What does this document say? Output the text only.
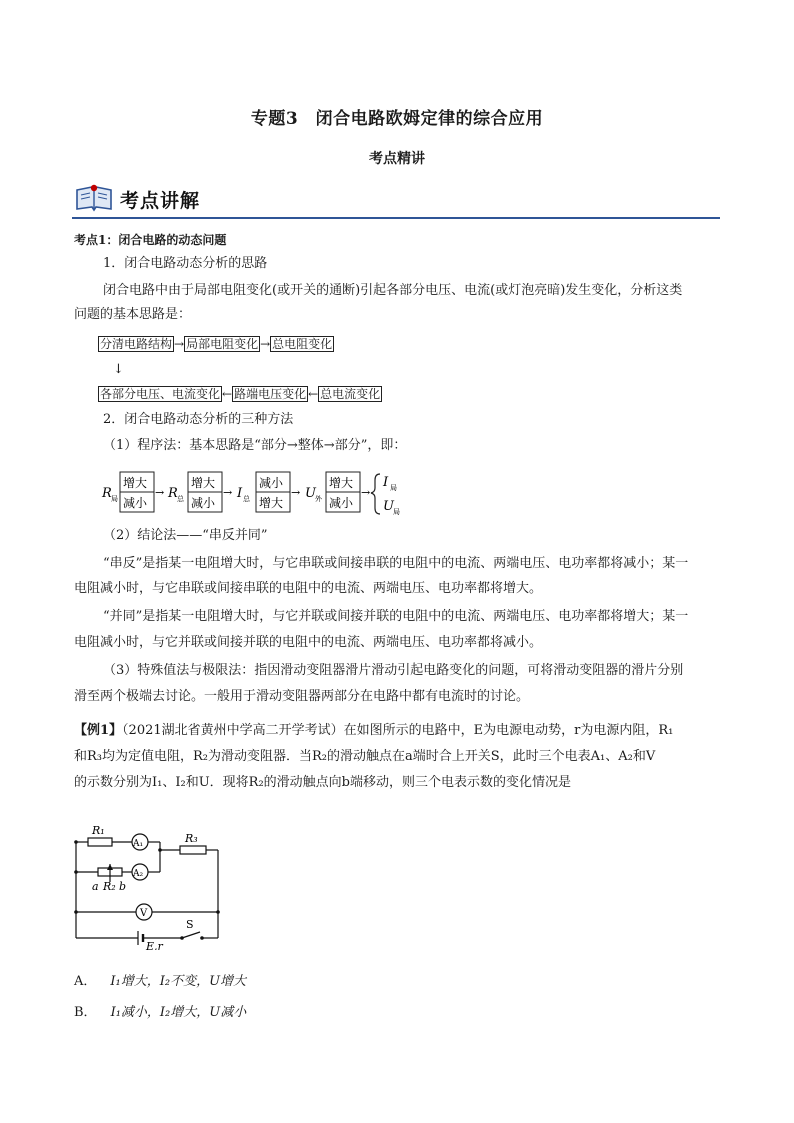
专题3　闭合电路欧姆定律的综合应用
考点精讲
考点讲解
考点1：闭合电路的动态问题
1．闭合电路动态分析的思路
闭合电路中由于局部电阻变化(或开关的通断)引起各部分电压、电流(或灯泡亮暗)发生变化，分析这类
问题的基本思路是：
分清电路结构 → 局部电阻变化 → 总电阻变化
↓
各部分电压、电流变化 ← 路端电压变化 ← 总电流变化
2．闭合电路动态分析的三种方法
（1）程序法：基本思路是“部分→整体→部分”，即：
R 局
增大
减小
→ R 总
增大
减小
→ I 总
减小
增大
→ U 外
增大
减小
→
I 局
U 局
（2）结论法——“串反并同”
“串反”是指某一电阻增大时，与它串联或间接串联的电阻中的电流、两端电压、电功率都将减小；某一
电阻减小时，与它串联或间接串联的电阻中的电流、两端电压、电功率都将增大。
“并同”是指某一电阻增大时，与它并联或间接并联的电阻中的电流、两端电压、电功率都将增大；某一
电阻减小时，与它并联或间接并联的电阻中的电流、两端电压、电功率都将减小。
（3）特殊值法与极限法：指因滑动变阻器滑片滑动引起电路变化的问题，可将滑动变阻器的滑片分别
滑至两个极端去讨论。一般用于滑动变阻器两部分在电路中都有电流时的讨论。
【例1】（2021湖北省黄州中学高二开学考试）在如图所示的电路中，E为电源电动势，r为电源内阻，R₁
和R₃均为定值电阻，R₂为滑动变阻器．当R₂的滑动触点在a端时合上开关S，此时三个电表A₁、A₂和V
的示数分别为I₁、I₂和U．现将R₂的滑动触点向b端移动，则三个电表示数的变化情况是
R₁
A₁	R₃
A₂
a R₂ b
V
S
E,r
A． I₁增大，I₂不变，U增大
B． I₁减小，I₂增大，U减小
